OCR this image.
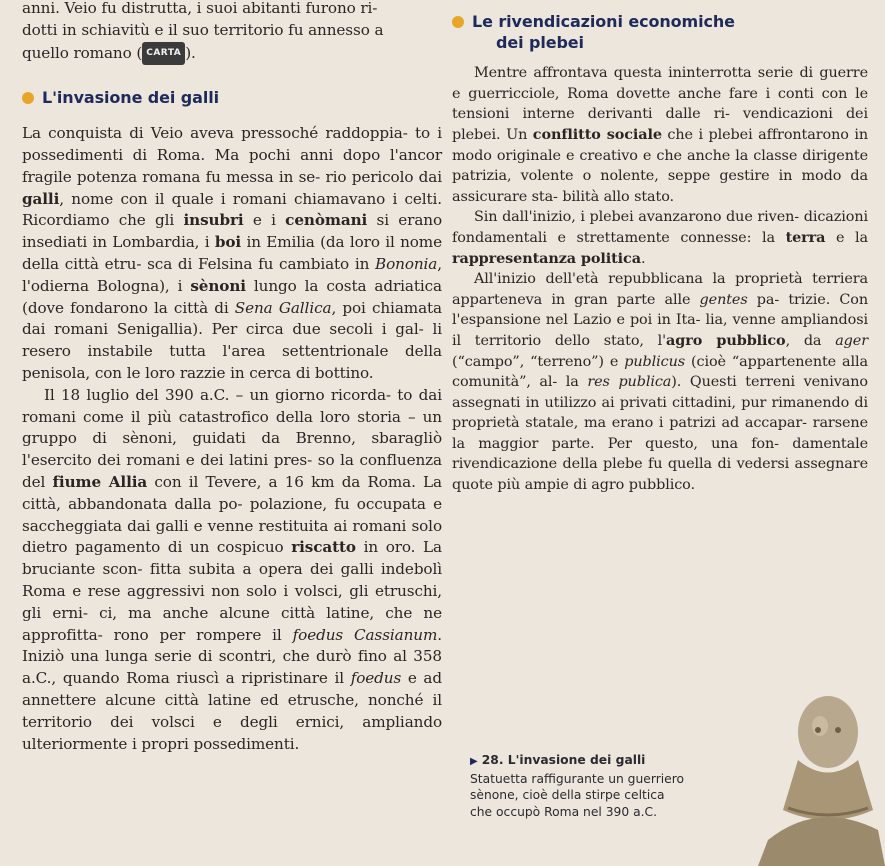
anni. Veio fu distrutta, i suoi abitanti furono ri-
dotti in schiavitù e il suo territorio fu annesso a
quello romano ( CARTA ).

L'invasione dei galli

La conquista di Veio aveva pressoché raddoppia- to i possedimenti di Roma. Ma pochi anni dopo l'ancor fragile potenza romana fu messa in se- rio pericolo dai galli, nome con il quale i romani chiamavano i celti. Ricordiamo che gli insubri e i cenòmani si erano insediati in Lombardia, i boi in Emilia (da loro il nome della città etru- sca di Felsina fu cambiato in Bononia, l'odierna Bologna), i sènoni lungo la costa adriatica (dove fondarono la città di Sena Gallica, poi chiamata dai romani Senigallia). Per circa due secoli i gal- li resero instabile tutta l'area settentrionale della penisola, con le loro razzie in cerca di bottino.

Il 18 luglio del 390 a.C. – un giorno ricorda- to dai romani come il più catastrofico della loro storia – un gruppo di sènoni, guidati da Brenno, sbaragliò l'esercito dei romani e dei latini pres- so la confluenza del fiume Allia con il Tevere, a 16 km da Roma. La città, abbandonata dalla po- polazione, fu occupata e saccheggiata dai galli e venne restituita ai romani solo dietro pagamento di un cospicuo riscatto in oro. La bruciante scon- fitta subita a opera dei galli indebolì Roma e rese aggressivi non solo i volsci, gli etruschi, gli erni- ci, ma anche alcune città latine, che ne approfitta- rono per rompere il foedus Cassianum. Iniziò una lunga serie di scontri, che durò fino al 358 a.C., quando Roma riuscì a ripristinare il foedus e ad annettere alcune città latine ed etrusche, nonché il territorio dei volsci e degli ernici, ampliando ulteriormente i propri possedimenti.

Le rivendicazioni economiche
dei plebei

Mentre affrontava questa ininterrotta serie di guerre e guerricciole, Roma dovette anche fare i conti con le tensioni interne derivanti dalle ri- vendicazioni dei plebei. Un conflitto sociale che i plebei affrontarono in modo originale e creativo e che anche la classe dirigente patrizia, volente o nolente, seppe gestire in modo da assicurare sta- bilità allo stato.

Sin dall'inizio, i plebei avanzarono due riven- dicazioni fondamentali e strettamente connesse: la terra e la rappresentanza politica.

All'inizio dell'età repubblicana la proprietà terriera apparteneva in gran parte alle gentes pa- trizie. Con l'espansione nel Lazio e poi in Ita- lia, venne ampliandosi il territorio dello stato, l'agro pubblico, da ager (“campo”, “terreno”) e publicus (cioè “appartenente alla comunità”, al- la res publica). Questi terreni venivano assegnati in utilizzo ai privati cittadini, pur rimanendo di proprietà statale, ma erano i patrizi ad accapar- rarsene la maggior parte. Per questo, una fon- damentale rivendicazione della plebe fu quella di vedersi assegnare quote più ampie di agro pubblico.

▶ 28. L'invasione dei galli
Statuetta raffigurante un guerriero
sènone, cioè della stirpe celtica
che occupò Roma nel 390 a.C.
